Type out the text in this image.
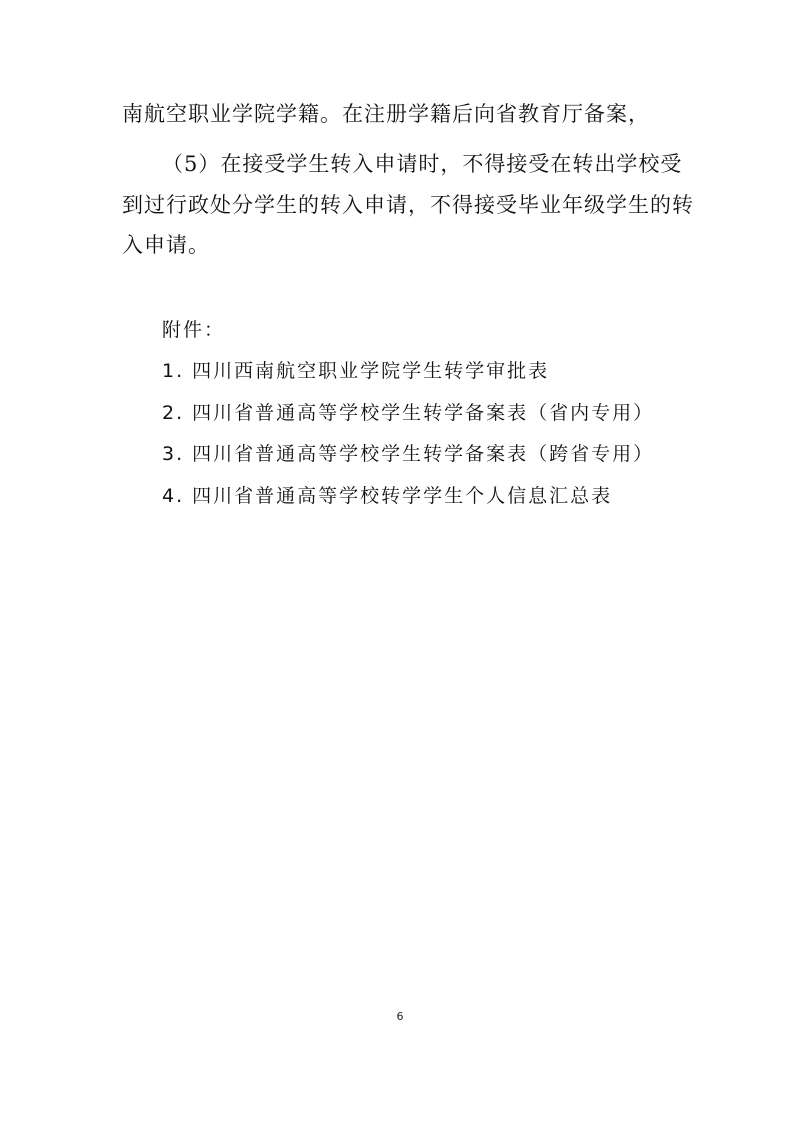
南航空职业学院学籍。在注册学籍后向省教育厅备案，
（5）在接受学生转入申请时，不得接受在转出学校受
到过行政处分学生的转入申请，不得接受毕业年级学生的转
入申请。
附件：
1. 四川西南航空职业学院学生转学审批表
2. 四川省普通高等学校学生转学备案表（省内专用）
3. 四川省普通高等学校学生转学备案表（跨省专用）
4. 四川省普通高等学校转学学生个人信息汇总表
6
